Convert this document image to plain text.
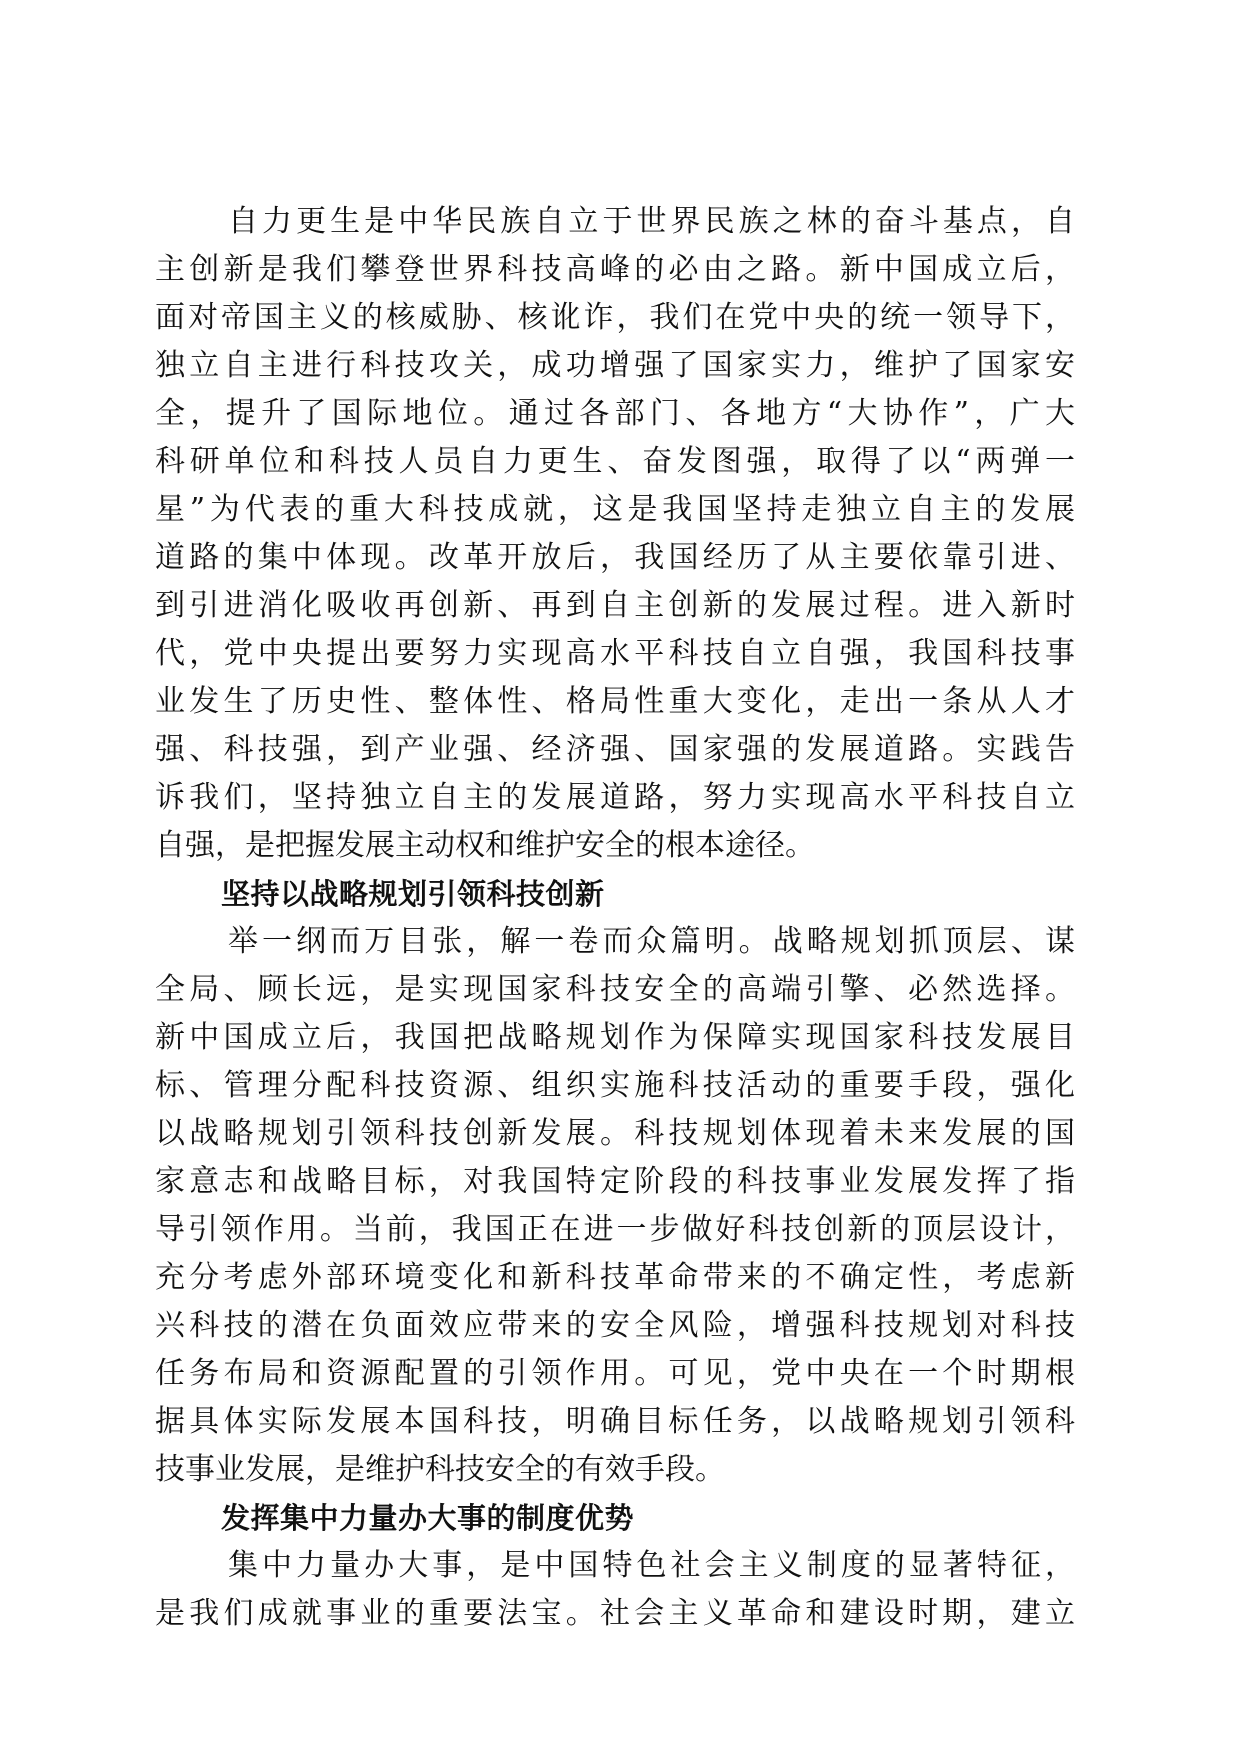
自力更生是中华民族自立于世界民族之林的奋斗基点，自
主创新是我们攀登世界科技高峰的必由之路。新中国成立后，
面对帝国主义的核威胁、核讹诈，我们在党中央的统一领导下，
独立自主进行科技攻关，成功增强了国家实力，维护了国家安
全，提升了国际地位。通过各部门、各地方“大协作”，广大
科研单位和科技人员自力更生、奋发图强，取得了以“两弹一
星”为代表的重大科技成就，这是我国坚持走独立自主的发展
道路的集中体现。改革开放后，我国经历了从主要依靠引进、
到引进消化吸收再创新、再到自主创新的发展过程。进入新时
代，党中央提出要努力实现高水平科技自立自强，我国科技事
业发生了历史性、整体性、格局性重大变化，走出一条从人才
强、科技强，到产业强、经济强、国家强的发展道路。实践告
诉我们，坚持独立自主的发展道路，努力实现高水平科技自立
自强，是把握发展主动权和维护安全的根本途径。
坚持以战略规划引领科技创新
举一纲而万目张，解一卷而众篇明。战略规划抓顶层、谋
全局、顾长远，是实现国家科技安全的高端引擎、必然选择。
新中国成立后，我国把战略规划作为保障实现国家科技发展目
标、管理分配科技资源、组织实施科技活动的重要手段，强化
以战略规划引领科技创新发展。科技规划体现着未来发展的国
家意志和战略目标，对我国特定阶段的科技事业发展发挥了指
导引领作用。当前，我国正在进一步做好科技创新的顶层设计，
充分考虑外部环境变化和新科技革命带来的不确定性，考虑新
兴科技的潜在负面效应带来的安全风险，增强科技规划对科技
任务布局和资源配置的引领作用。可见，党中央在一个时期根
据具体实际发展本国科技，明确目标任务，以战略规划引领科
技事业发展，是维护科技安全的有效手段。
发挥集中力量办大事的制度优势
集中力量办大事，是中国特色社会主义制度的显著特征，
是我们成就事业的重要法宝。社会主义革命和建设时期，建立
